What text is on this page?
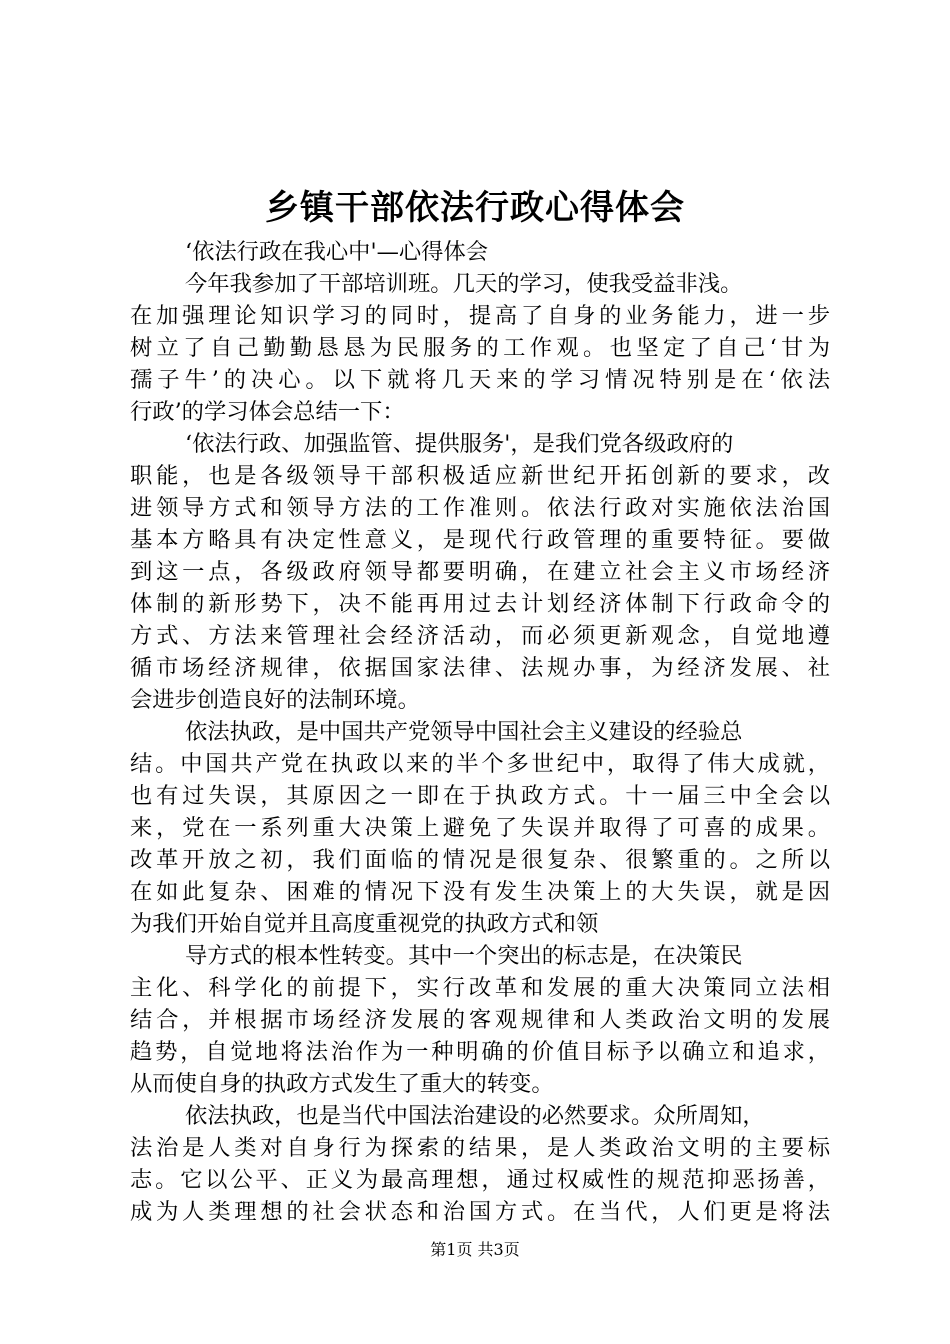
乡镇干部依法行政心得体会
‘依法行政在我心中'—心得体会
今年我参加了干部培训班。几天的学习，使我受益非浅。
在加强理论知识学习的同时，提高了自身的业务能力，进一步
树立了自己勤勤恳恳为民服务的工作观。也坚定了自己‘甘为
孺子牛’的决心。以下就将几天来的学习情况特别是在‘依法
行政’的学习体会总结一下：
‘依法行政、加强监管、提供服务'，是我们党各级政府的
职能，也是各级领导干部积极适应新世纪开拓创新的要求，改
进领导方式和领导方法的工作准则。依法行政对实施依法治国
基本方略具有决定性意义，是现代行政管理的重要特征。要做
到这一点，各级政府领导都要明确，在建立社会主义市场经济
体制的新形势下，决不能再用过去计划经济体制下行政命令的
方式、方法来管理社会经济活动，而必须更新观念，自觉地遵
循市场经济规律，依据国家法律、法规办事，为经济发展、社
会进步创造良好的法制环境。
依法执政，是中国共产党领导中国社会主义建设的经验总
结。中国共产党在执政以来的半个多世纪中，取得了伟大成就，
也有过失误，其原因之一即在于执政方式。十一届三中全会以
来，党在一系列重大决策上避免了失误并取得了可喜的成果。
改革开放之初，我们面临的情况是很复杂、很繁重的。之所以
在如此复杂、困难的情况下没有发生决策上的大失误，就是因
为我们开始自觉并且高度重视党的执政方式和领
导方式的根本性转变。其中一个突出的标志是，在决策民
主化、科学化的前提下，实行改革和发展的重大决策同立法相
结合，并根据市场经济发展的客观规律和人类政治文明的发展
趋势，自觉地将法治作为一种明确的价值目标予以确立和追求，
从而使自身的执政方式发生了重大的转变。
依法执政，也是当代中国法治建设的必然要求。众所周知，
法治是人类对自身行为探索的结果，是人类政治文明的主要标
志。它以公平、正义为最高理想，通过权威性的规范抑恶扬善，
成为人类理想的社会状态和治国方式。在当代，人们更是将法
第1页 共3页
